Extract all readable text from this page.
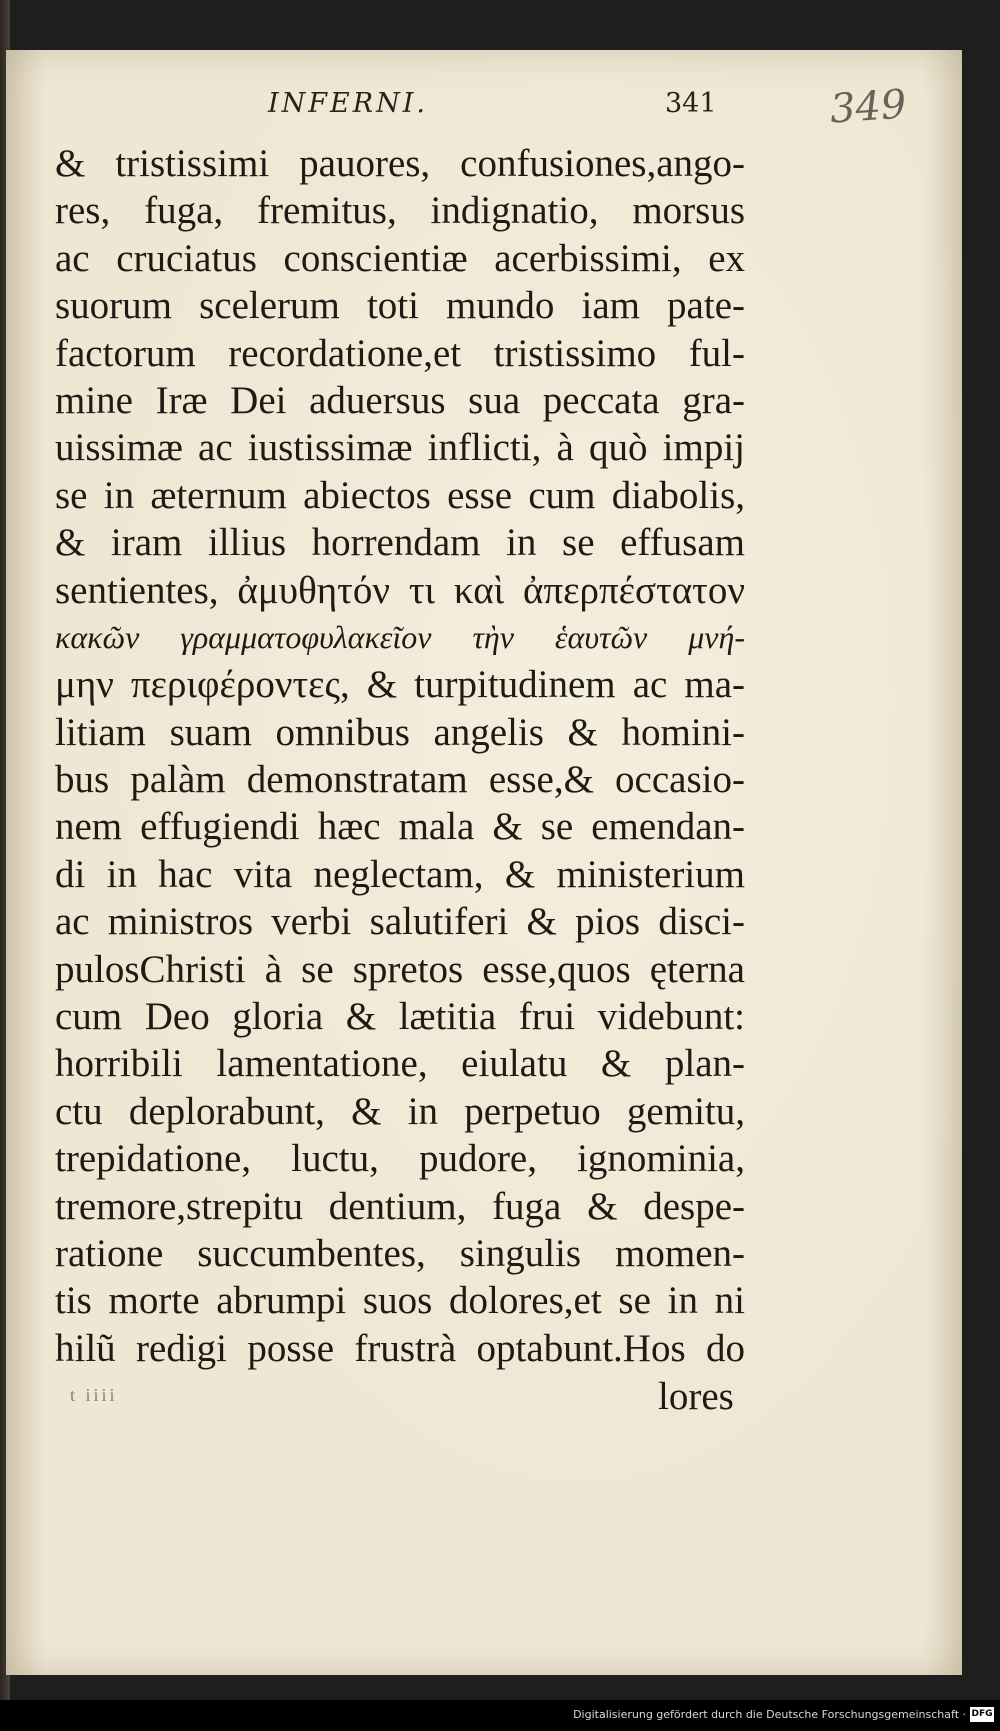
INFERNI.	341	349
& tristissimi pauores, confusiones,ango-
res, fuga, fremitus, indignatio, morsus
ac cruciatus conscientiæ acerbissimi, ex
suorum scelerum toti mundo iam pate-
factorum recordatione,et tristissimo ful-
mine Iræ Dei aduersus sua peccata gra-
uissimæ ac iustissimæ inflicti, à quò impij
se in æternum abiectos esse cum diabolis,
& iram illius horrendam in se effusam
sentientes, ἀμυθητόν τι καὶ ἀπερπέστατον
κακῶν γραμματοφυλακεῖον τὴν ἑαυτῶν μνή-
μην περιφέροντες, & turpitudinem ac ma-
litiam suam omnibus angelis & homini-
bus palàm demonstratam esse,& occasio-
nem effugiendi hæc mala & se emendan-
di in hac vita neglectam, & ministerium
ac ministros verbi salutiferi & pios disci-
pulosChristi à se spretos esse,quos ęterna
cum Deo gloria & lætitia frui videbunt:
horribili lamentatione, eiulatu & plan-
ctu deplorabunt, & in perpetuo gemitu,
trepidatione, luctu, pudore, ignominia,
tremore,strepitu dentium, fuga & despe-
ratione succumbentes, singulis momen-
tis morte abrumpi suos dolores,et se in ni
hilũ redigi posse frustrà optabunt.Hos do
t iiii	lores
Digitalisierung gefördert durch die Deutsche Forschungsgemeinschaft · DFG
